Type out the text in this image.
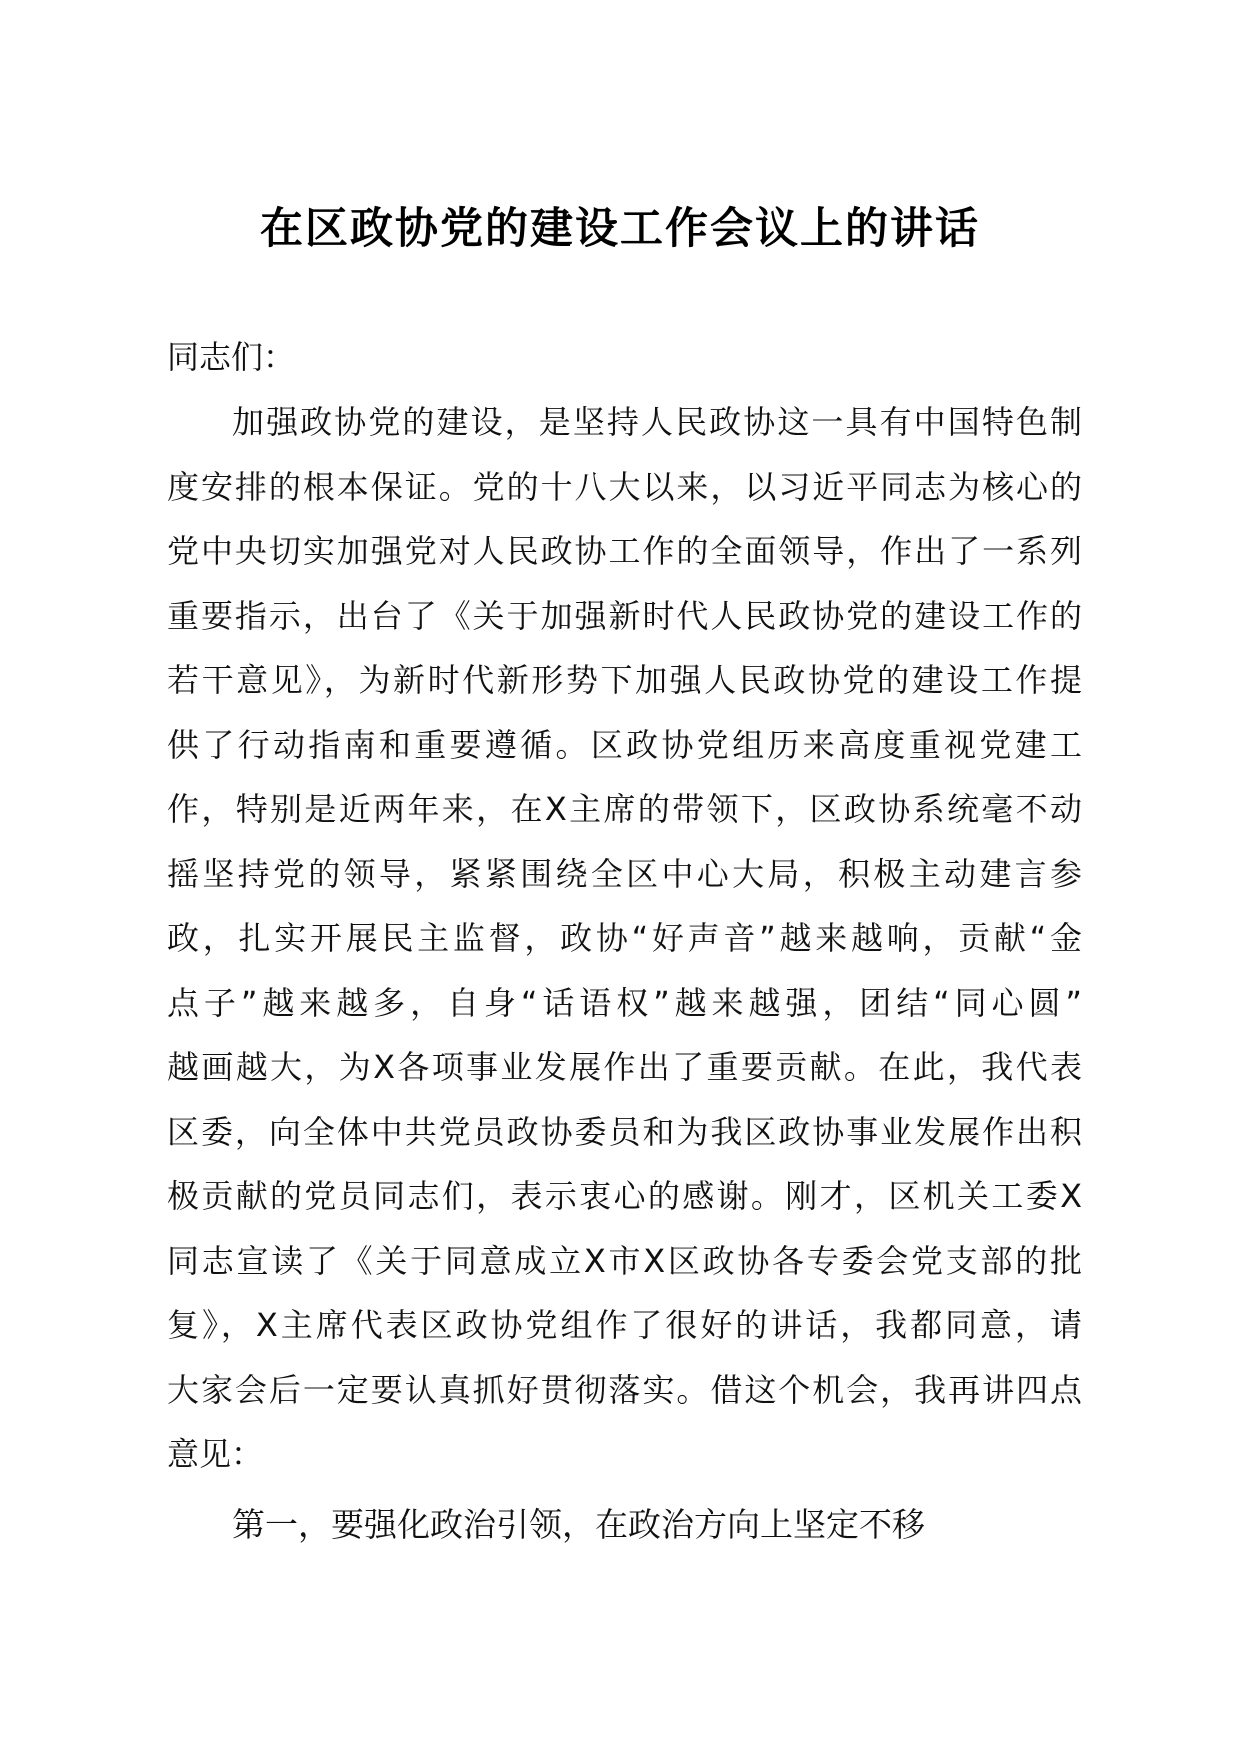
在区政协党的建设工作会议上的讲话
同志们：
加强政协党的建设，是坚持人民政协这一具有中国特色制
度安排的根本保证。党的十八大以来，以习近平同志为核心的
党中央切实加强党对人民政协工作的全面领导，作出了一系列
重要指示，出台了《关于加强新时代人民政协党的建设工作的
若干意见》，为新时代新形势下加强人民政协党的建设工作提
供了行动指南和重要遵循。区政协党组历来高度重视党建工
作，特别是近两年来，在X主席的带领下，区政协系统毫不动
摇坚持党的领导，紧紧围绕全区中心大局，积极主动建言参
政，扎实开展民主监督，政协“好声音”越来越响，贡献“金
点子”越来越多，自身“话语权”越来越强，团结“同心圆”
越画越大，为X各项事业发展作出了重要贡献。在此，我代表
区委，向全体中共党员政协委员和为我区政协事业发展作出积
极贡献的党员同志们，表示衷心的感谢。刚才，区机关工委X
同志宣读了《关于同意成立X市X区政协各专委会党支部的批
复》，X主席代表区政协党组作了很好的讲话，我都同意，请
大家会后一定要认真抓好贯彻落实。借这个机会，我再讲四点
意见：
第一，要强化政治引领，在政治方向上坚定不移
